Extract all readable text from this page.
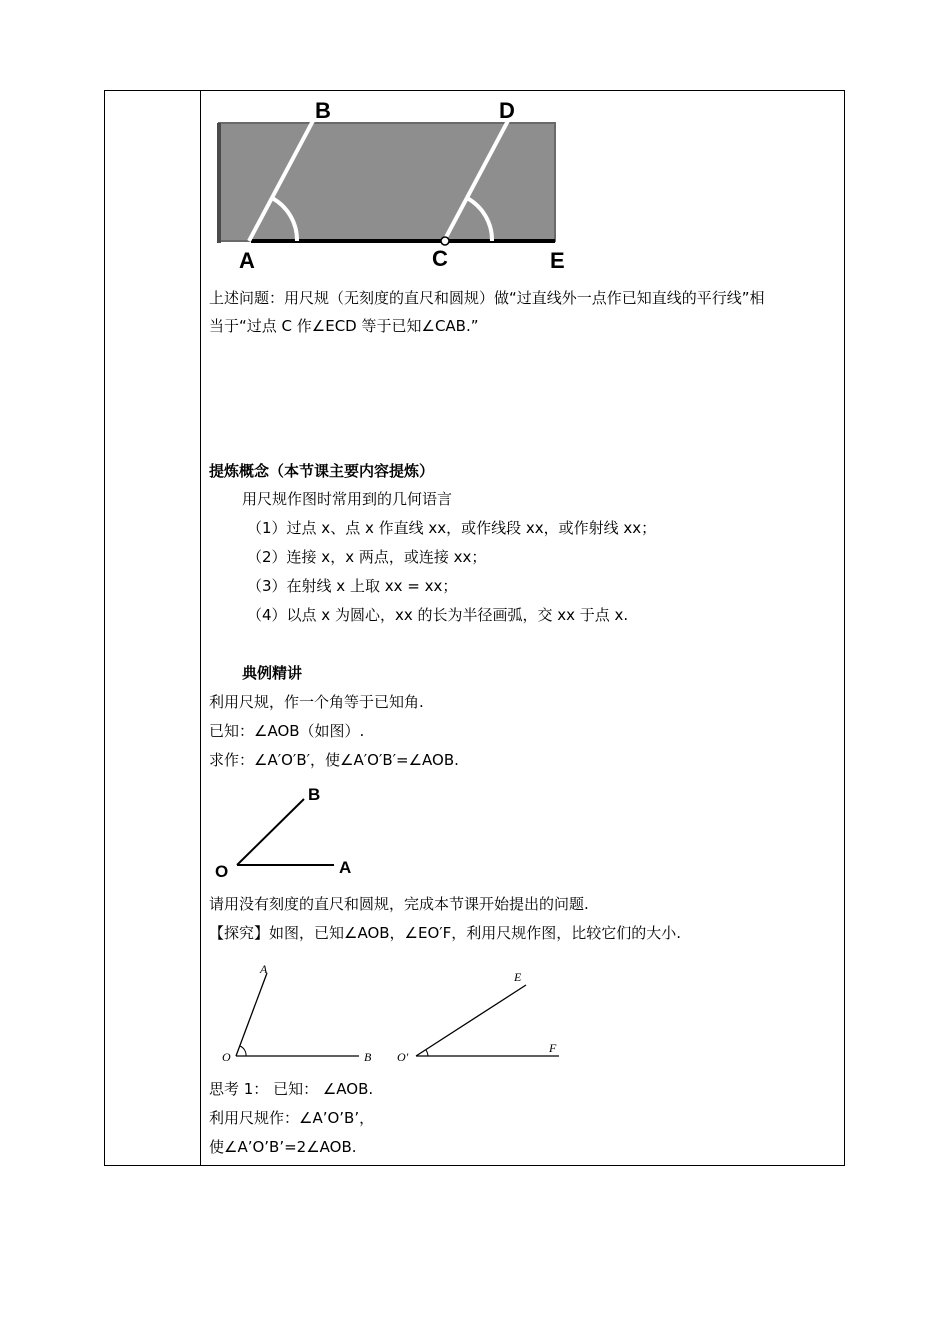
B	D
A	C	E
上述问题：用尺规（无刻度的直尺和圆规）做“过直线外一点作已知直线的平行线”相
当于“过点 C 作∠ECD 等于已知∠CAB.”
提炼概念（本节课主要内容提炼）
用尺规作图时常用到的几何语言
（1）过点 x、点 x 作直线 xx，或作线段 xx，或作射线 xx；
（2）连接 x，x 两点，或连接 xx；
（3）在射线 x 上取 xx = xx；
（4）以点 x 为圆心，xx 的长为半径画弧，交 xx 于点 x.
典例精讲
利用尺规，作一个角等于已知角.
已知：∠AOB（如图）.
求作：∠A′O′B′，使∠A′O′B′=∠AOB.
B
O	A
请用没有刻度的直尺和圆规，完成本节课开始提出的问题.
【探究】如图，已知∠AOB，∠EO′F，利用尺规作图，比较它们的大小.
A
O	B
E
O′
F
思考 1： 已知： ∠AOB.
利用尺规作：∠A’O’B’，
使∠A’O’B’=2∠AOB.
